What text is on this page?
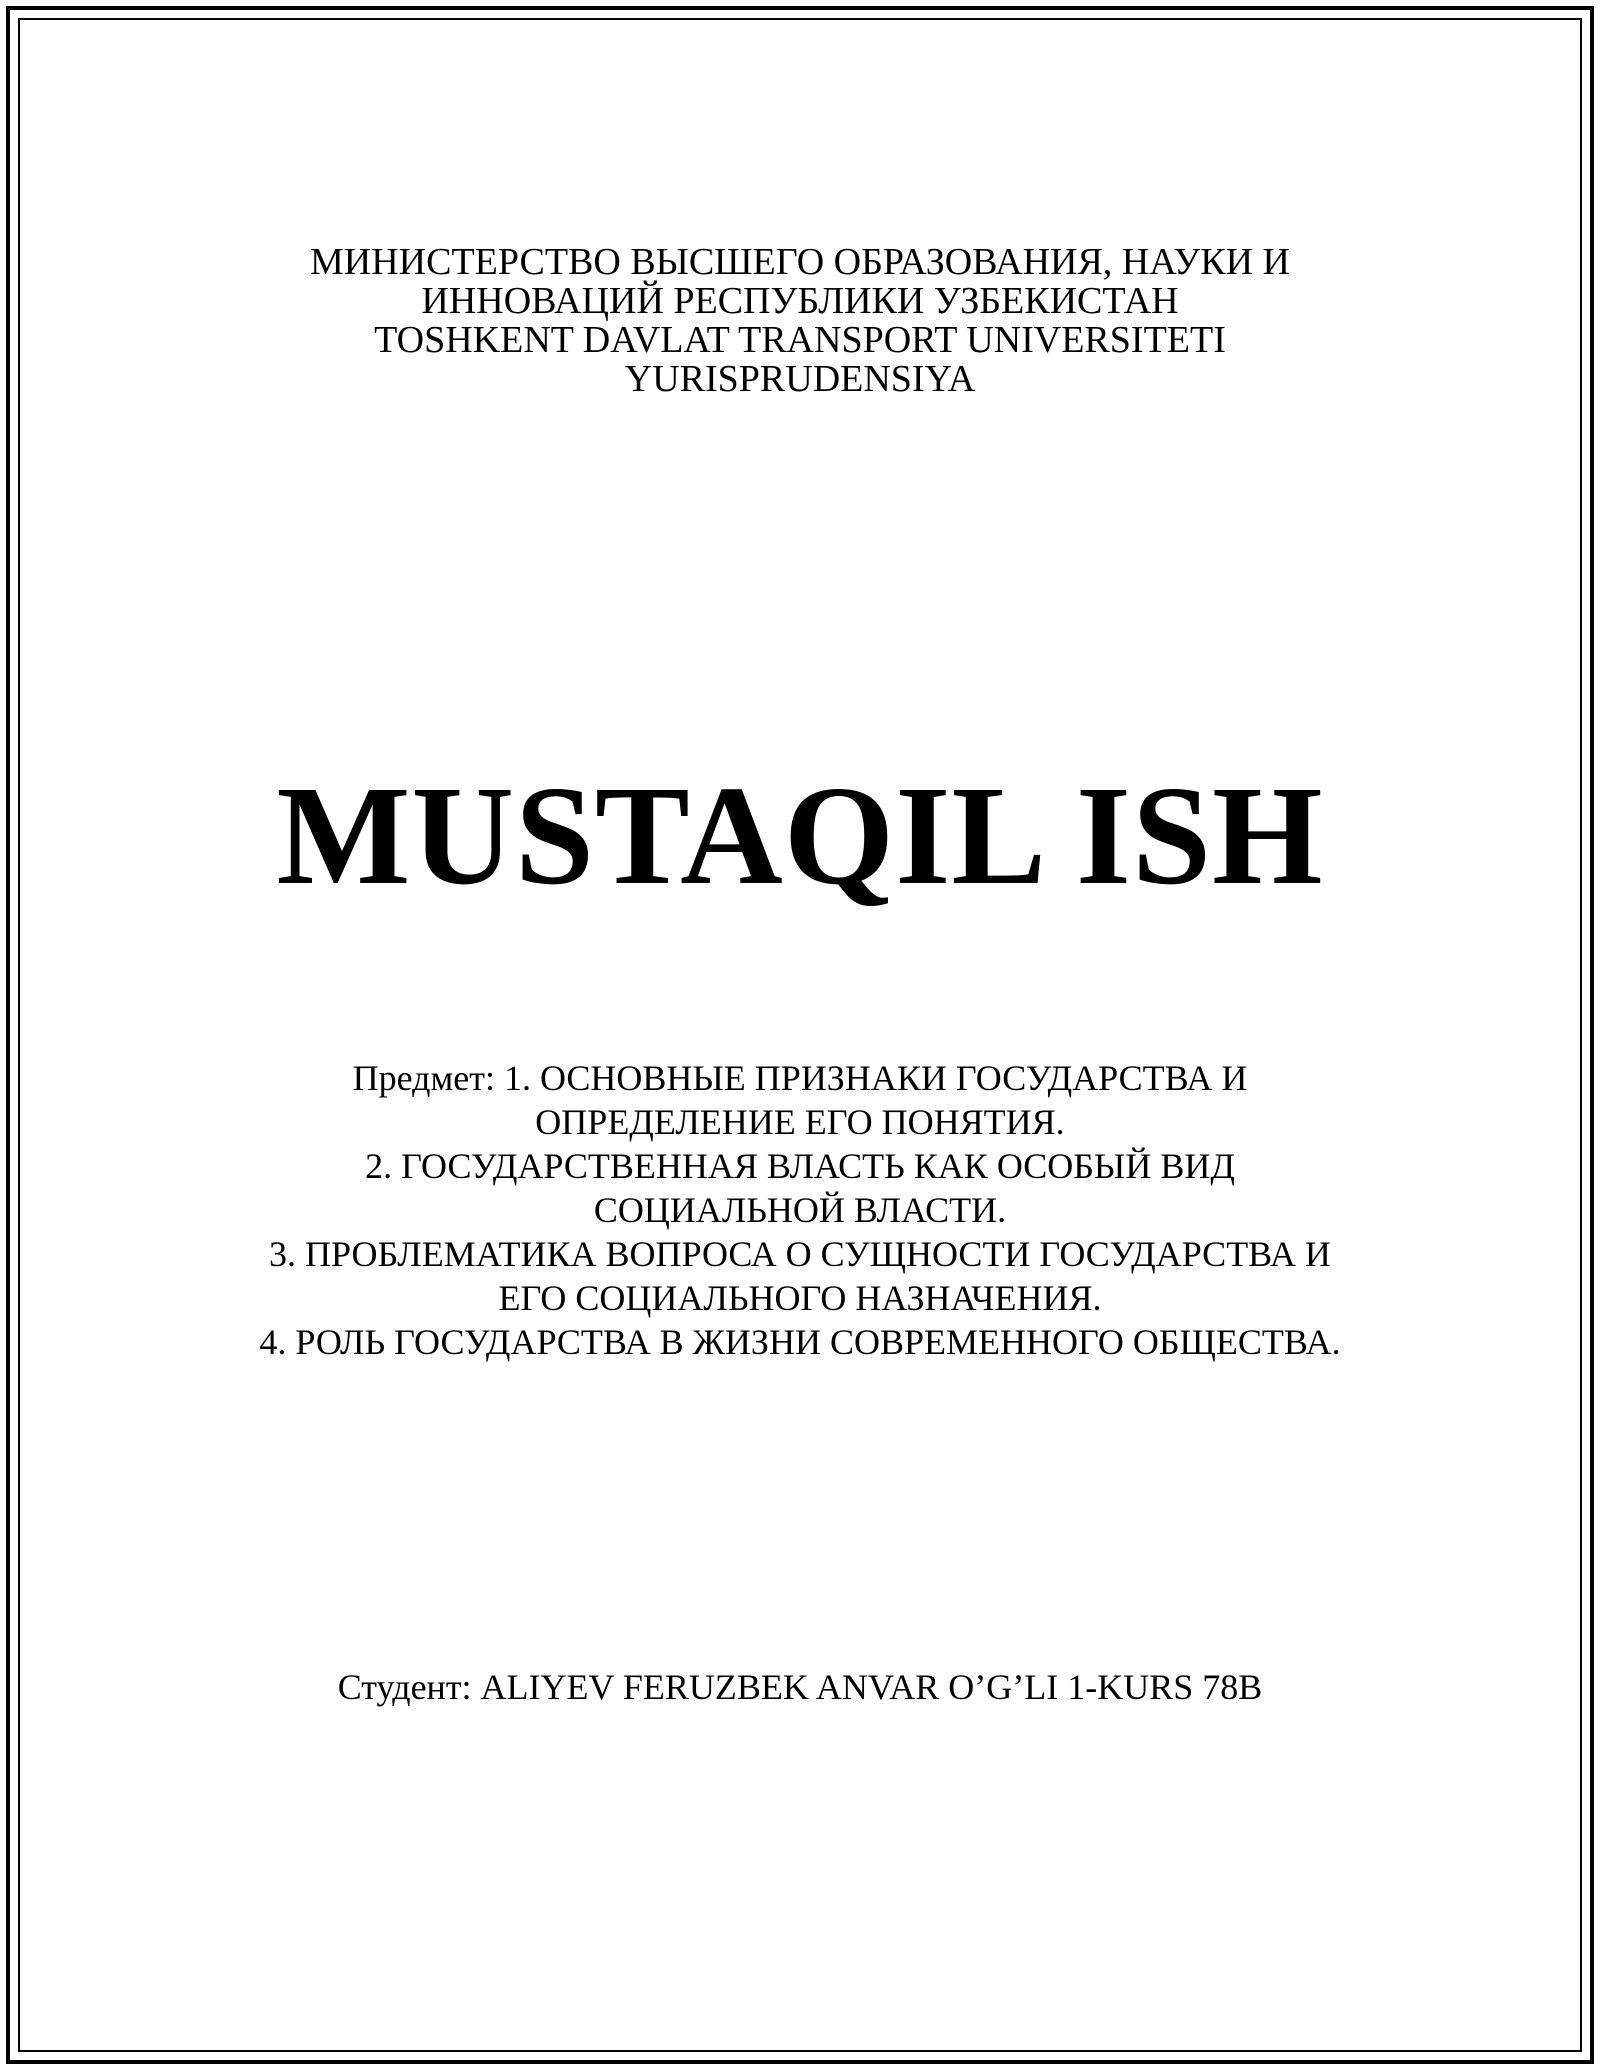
МИНИСТЕРСТВО ВЫСШЕГО ОБРАЗОВАНИЯ, НАУКИ И
ИННОВАЦИЙ РЕСПУБЛИКИ УЗБЕКИСТАН
TOSHKENT DAVLAT TRANSPORT UNIVERSITETI
YURISPRUDENSIYA
MUSTAQIL ISH
Предмет: 1. ОСНОВНЫЕ ПРИЗНАКИ ГОСУДАРСТВА И
ОПРЕДЕЛЕНИЕ ЕГО ПОНЯТИЯ.
2. ГОСУДАРСТВЕННАЯ ВЛАСТЬ КАК ОСОБЫЙ ВИД
СОЦИАЛЬНОЙ ВЛАСТИ.
3. ПРОБЛЕМАТИКА ВОПРОСА О СУЩНОСТИ ГОСУДАРСТВА И
ЕГО СОЦИАЛЬНОГО НАЗНАЧЕНИЯ.
4. РОЛЬ ГОСУДАРСТВА В ЖИЗНИ СОВРЕМЕННОГО ОБЩЕСТВА.
Студент: ALIYEV FERUZBEK ANVAR O’G’LI 1-KURS 78B
